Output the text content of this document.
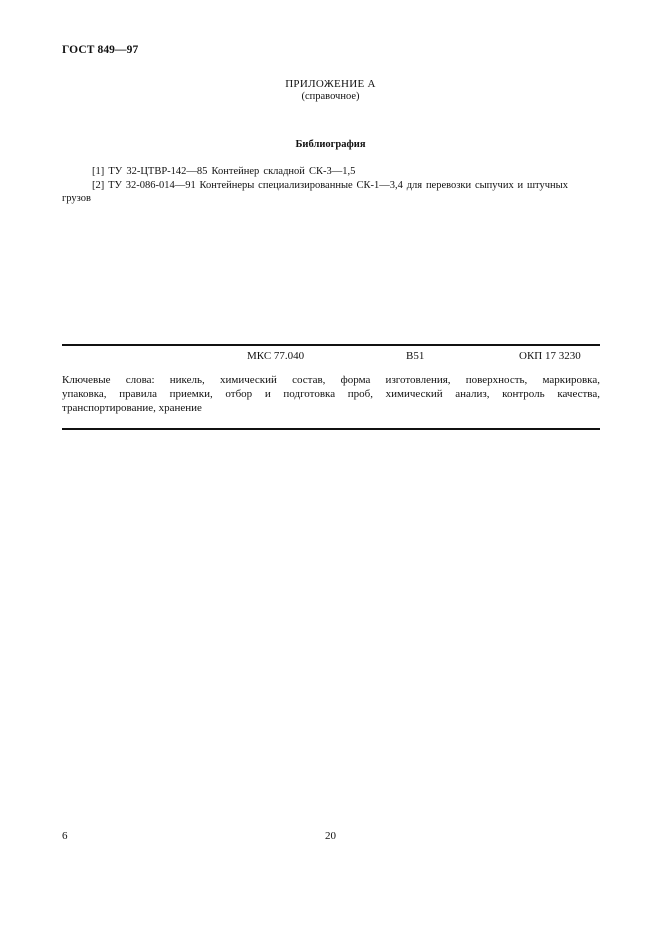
ГОСТ 849—97
ПРИЛОЖЕНИЕ А
(справочное)
Библиография
[1] ТУ 32-ЦТВР-142—85 Контейнер складной СК-3—1,5
[2] ТУ 32-086-014—91 Контейнеры специализированные СК-1—3,4 для перевозки сыпучих и штучных
грузов
МКС 77.040	В51	ОКП 17 3230
Ключевые слова: никель, химический состав, форма изготовления, поверхность, маркировка,
упаковка, правила приемки, отбор и подготовка проб, химический анализ, контроль качества,
транспортирование, хранение
6	20
